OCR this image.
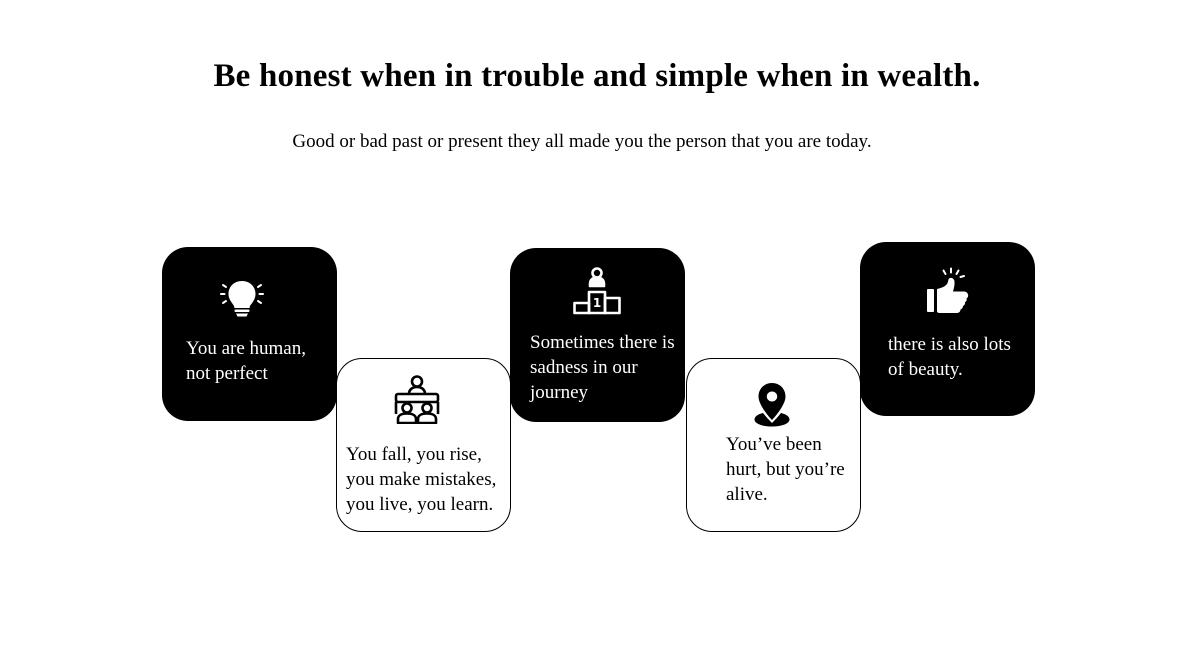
Be honest when in trouble and simple when in wealth.

Good or bad past or present they all made you the person that you are today.

You are human, not perfect
You fall, you rise, you make mistakes, you live, you learn.
1
Sometimes there is sadness in our journey
You’ve been hurt, but you’re alive.
there is also lots of beauty.
